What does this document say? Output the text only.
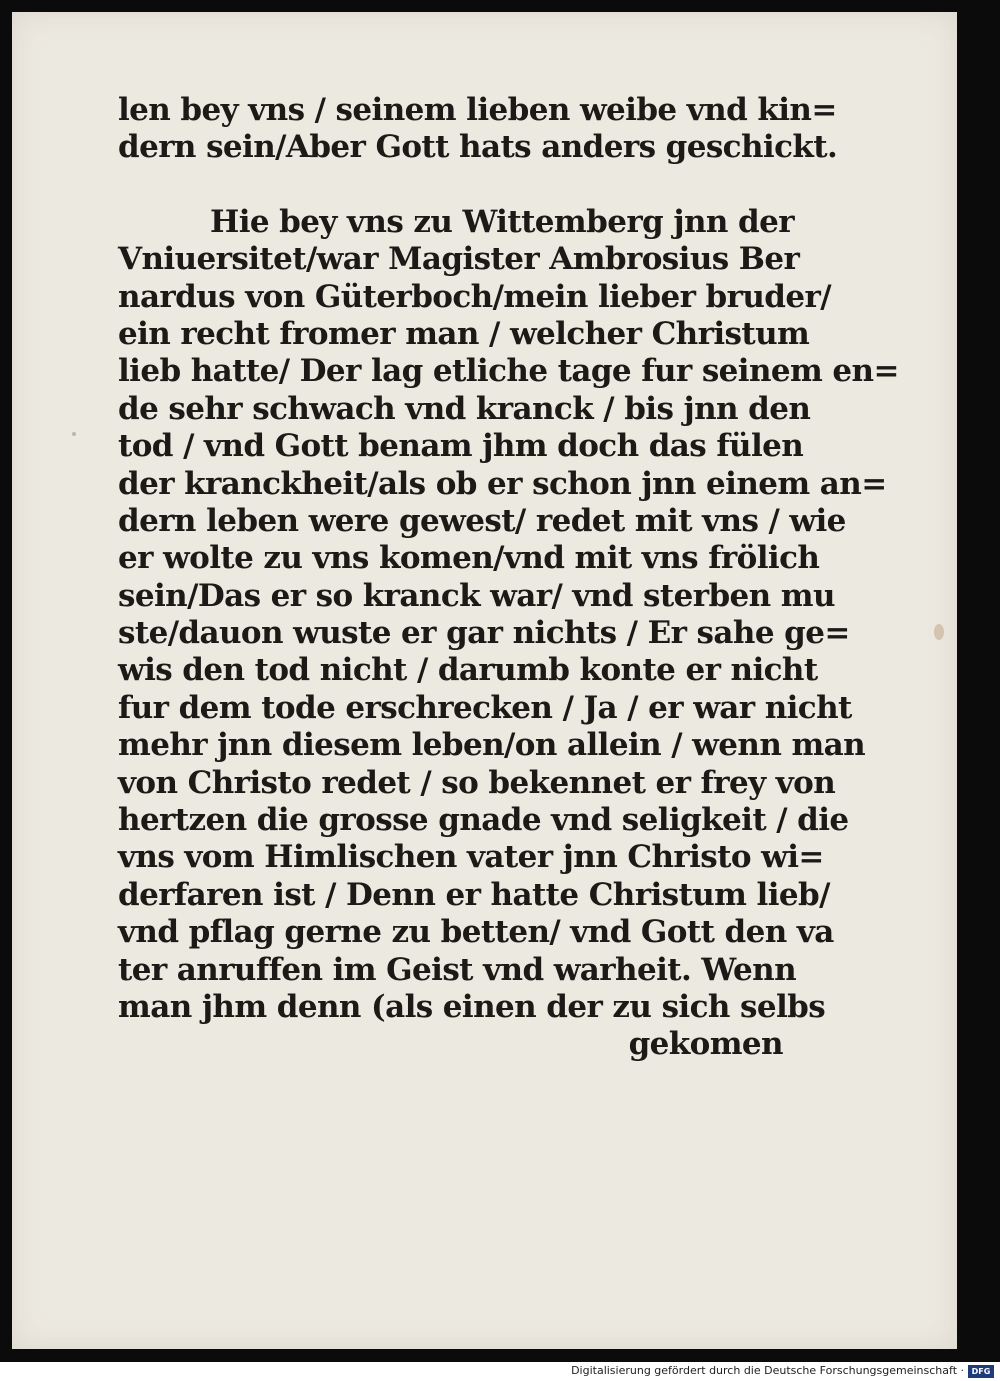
len bey vns / seinem lieben weibe vnd kin=
dern sein/Aber Gott hats anders geschickt.
Hie bey vns zu Wittemberg jnn der
Vniuersitet/war Magister Ambrosius Ber
nardus von Güterboch/mein lieber bruder/
ein recht fromer man / welcher Christum
lieb hatte/ Der lag etliche tage fur seinem en=
de sehr schwach vnd kranck / bis jnn den
tod / vnd Gott benam jhm doch das fülen
der kranckheit/als ob er schon jnn einem an=
dern leben were gewest/ redet mit vns / wie
er wolte zu vns komen/vnd mit vns frölich
sein/Das er so kranck war/ vnd sterben mu
ste/dauon wuste er gar nichts / Er sahe ge=
wis den tod nicht / darumb konte er nicht
fur dem tode erschrecken / Ja / er war nicht
mehr jnn diesem leben/on allein / wenn man
von Christo redet / so bekennet er frey von
hertzen die grosse gnade vnd seligkeit / die
vns vom Himlischen vater jnn Christo wi=
derfaren ist / Denn er hatte Christum lieb/
vnd pflag gerne zu betten/ vnd Gott den va
ter anruffen im Geist vnd warheit. Wenn
man jhm denn (als einen der zu sich selbs
gekomen
Digitalisierung gefördert durch die Deutsche Forschungsgemeinschaft · DFG
